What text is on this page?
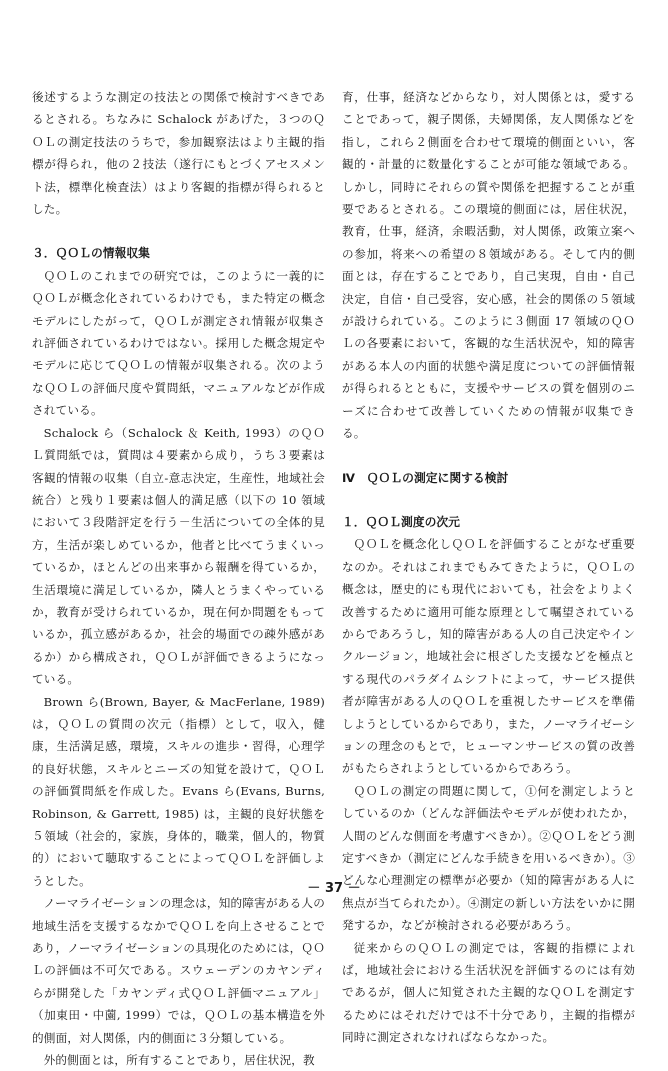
後述するような測定の技法との関係で検討すべきであるとされる。ちなみに Schalock があげた，３つのＱＯＬの測定技法のうちで，参加観察法はより主観的指標が得られ，他の２技法（遂行にもとづくアセスメント法，標準化検査法）はより客観的指標が得られるとした。

３．ＱＯＬの情報収集

ＱＯＬのこれまでの研究では，このように一義的にＱＯＬが概念化されているわけでも，また特定の概念モデルにしたがって，ＱＯＬが測定され情報が収集され評価されているわけではない。採用した概念規定やモデルに応じてＱＯＬの情報が収集される。次のようなＱＯＬの評価尺度や質問紙，マニュアルなどが作成されている。

Schalock ら（Schalock ＆ Keith, 1993）のＱＯＬ質問紙では，質問は４要素から成り，うち３要素は客観的情報の収集（自立-意志決定，生産性，地域社会統合）と残り１要素は個人的満足感（以下の 10 領域において３段階評定を行う－生活についての全体的見方，生活が楽しめているか，他者と比べてうまくいっているか，ほとんどの出来事から報酬を得ているか，生活環境に満足しているか，隣人とうまくやっているか，教育が受けられているか，現在何か問題をもっているか，孤立感があるか，社会的場面での疎外感があるか）から構成され，ＱＯＬが評価できるようになっている。

Brown ら(Brown, Bayer, & MacFerlane, 1989)は，ＱＯＬの質問の次元（指標）として，収入，健康，生活満足感，環境，スキルの進歩・習得，心理学的良好状態，スキルとニーズの知覚を設けて，ＱＯＬの評価質問紙を作成した。Evans ら(Evans, Burns, Robinson, & Garrett, 1985) は，主観的良好状態を５領域（社会的，家族，身体的，職業，個人的，物質的）において聴取することによってＱＯＬを評価しようとした。

ノーマライゼーションの理念は，知的障害がある人の地域生活を支援するなかでＱＯＬを向上させることであり，ノーマライゼーションの具現化のためには，ＱＯＬの評価は不可欠である。スウェーデンのカヤンディらが開発した「カヤンディ式ＱＯＬ評価マニュアル」（加東田・中薗, 1999）では，ＱＯＬの基本構造を外的側面，対人関係，内的側面に３分類している。

外的側面とは，所有することであり，居住状況，教

育，仕事，経済などからなり，対人関係とは，愛することであって，親子関係，夫婦関係，友人関係などを指し，これら２側面を合わせて環境的側面といい，客観的・計量的に数量化することが可能な領域である。しかし，同時にそれらの質や関係を把握することが重要であるとされる。この環境的側面には，居住状況，教育，仕事，経済，余暇活動，対人関係，政策立案への参加，将来への希望の８領域がある。そして内的側面とは，存在することであり，自己実現，自由・自己決定，自信・自己受容，安心感，社会的関係の５領域が設けられている。このように３側面 17 領域のＱＯＬの各要素において，客観的な生活状況や，知的障害がある本人の内面的状態や満足度についての評価情報が得られるとともに，支援やサービスの質を個別のニーズに合わせて改善していくための情報が収集できる。

Ⅳ　ＱＯＬの測定に関する検討

１．ＱＯＬ測度の次元

ＱＯＬを概念化しＱＯＬを評価することがなぜ重要なのか。それはこれまでもみてきたように，ＱＯＬの概念は，歴史的にも現代においても，社会をよりよく改善するために適用可能な原理として嘱望されているからであろうし，知的障害がある人の自己決定やインクルージョン，地域社会に根ざした支援などを極点とする現代のパラダイムシフトによって，サービス提供者が障害がある人のＱＯＬを重視したサービスを準備しようとしているからであり，また，ノーマライゼーションの理念のもとで，ヒューマンサービスの質の改善がもたらされようとしているからであろう。

ＱＯＬの測定の問題に関して，①何を測定しようとしているのか（どんな評価法やモデルが使われたか，人間のどんな側面を考慮すべきか）。②ＱＯＬをどう測定すべきか（測定にどんな手続きを用いるべきか）。③どんな心理測定の標準が必要か（知的障害がある人に焦点が当てられたか）。④測定の新しい方法をいかに開発するか，などが検討される必要があろう。

従来からのＱＯＬの測定では，客観的指標によれば，地域社会における生活状況を評価するのには有効であるが，個人に知覚された主観的なＱＯＬを測定するためにはそれだけでは不十分であり，主観的指標が同時に測定されなければならなかった。

－ 37 －
